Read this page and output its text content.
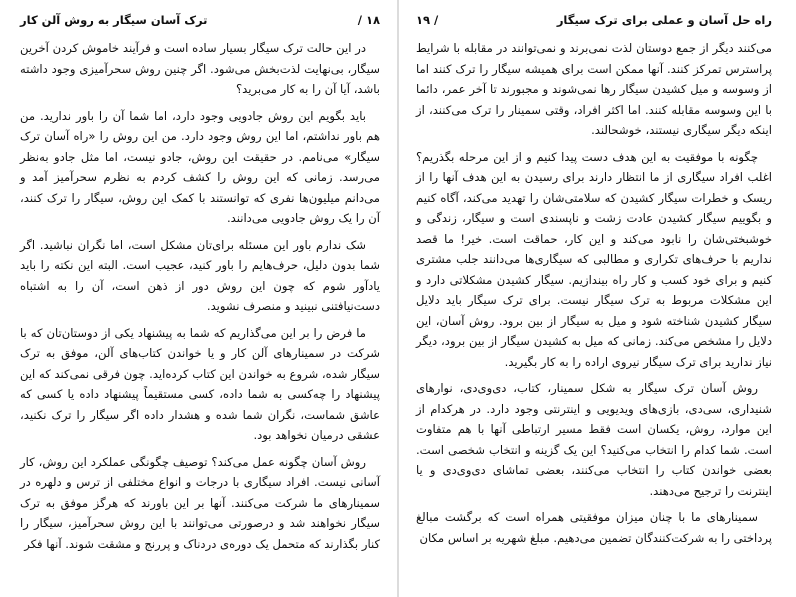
۱۸ /
ترک آسان سیگار به روش آلن کار

در این حالت ترک سیگار بسیار ساده است و فرآیند خاموش کردن آخرین سیگار، بی‌نهایت لذت‌بخش می‌شود. اگر چنین روش سحرآمیزی وجود داشته باشد، آیا آن را به کار می‌برید؟

باید بگویم این روش جادویی وجود دارد، اما شما آن را باور ندارید. من هم باور نداشتم، اما این روش وجود دارد. من این روش را «راه آسان ترک سیگار» می‌نامم. در حقیقت این روش، جادو نیست، اما مثل جادو به‌نظر می‌رسد. زمانی که این روش را کشف کردم به نظرم سحرآمیز آمد و می‌دانم میلیون‌ها نفری که توانستند با کمک این روش، سیگار را ترک کنند، آن را یک روش جادویی می‌دانند.

شک ندارم باور این مسئله برای‌تان مشکل است، اما نگران نباشید. اگر شما بدون دلیل، حرف‌هایم را باور کنید، عجیب است. البته این نکته را باید یادآور شوم که چون این روش دور از ذهن است، آن را به اشتباه دست‌نیافتنی نبینید و منصرف نشوید.

ما فرض را بر این می‌گذاریم که شما به پیشنهاد یکی از دوستان‌تان که با شرکت در سمینارهای آلن کار و یا خواندن کتاب‌های آلن، موفق به ترک سیگار شده، شروع به خواندن این کتاب کرده‌اید. چون فرقی نمی‌کند که این پیشنهاد را چه‌کسی به شما داده، کسی مستقیماً پیشنهاد داده یا کسی که عاشق شماست، نگران شما شده و هشدار داده اگر سیگار را ترک نکنید، عشقی درمیان نخواهد بود.

روش آسان چگونه عمل می‌کند؟ توصیف چگونگی عملکرد این روش، کار آسانی نیست. افراد سیگاری با درجات و انواع مختلفی از ترس و دلهره در سمینارهای ما شرکت می‌کنند. آنها بر این باورند که هرگز موفق به ترک سیگار نخواهند شد و درصورتی می‌توانند با این روش سحرآمیز، سیگار را کنار بگذارند که متحمل یک دوره‌ی دردناک و پررنج و مشقت شوند. آنها فکر

راه حل آسان و عملی برای ترک سیگار
/ ۱۹

می‌کنند دیگر از جمع دوستان لذت نمی‌برند و نمی‌توانند در مقابله با شرایط پراسترس تمرکز کنند. آنها ممکن است برای همیشه سیگار را ترک کنند اما از وسوسه و میل کشیدن سیگار رها نمی‌شوند و مجبورند تا آخر عمر، دائما با این وسوسه مقابله کنند. اما اکثر افراد، وقتی سمینار را ترک می‌کنند، از اینکه دیگر سیگاری نیستند، خوشحالند.

چگونه با موفقیت به این هدف دست پیدا کنیم و از این مرحله بگذریم؟ اغلب افراد سیگاری از ما انتظار دارند برای رسیدن به این هدف آنها را از ریسک و خطرات سیگار کشیدن که سلامتی‌شان را تهدید می‌کند، آگاه کنیم و بگوییم سیگار کشیدن عادت زشت و ناپسندی است و سیگار، زندگی و خوشبختی‌شان را نابود می‌کند و این کار، حماقت است. خیر! ما قصد نداریم با حرف‌های تکراری و مطالبی که سیگاری‌ها می‌دانند جلب مشتری کنیم و برای خود کسب و کار راه بیندازیم. سیگار کشیدن مشکلاتی دارد و این مشکلات مربوط به ترک سیگار نیست. برای ترک سیگار باید دلایل سیگار کشیدن شناخته شود و میل به سیگار از بین برود. روش آسان، این دلایل را مشخص می‌کند. زمانی که میل به کشیدن سیگار از بین برود، دیگر نیاز ندارید برای ترک سیگار نیروی اراده را به کار بگیرید.

روش آسان ترک سیگار به شکل سمینار، کتاب، دی‌وی‌دی، نوارهای شنیداری، سی‌دی، بازی‌های ویدیویی و اینترنتی وجود دارد. در هرکدام از این موارد، روش، یکسان است فقط مسیر ارتباطی آنها با هم متفاوت است. شما کدام را انتخاب می‌کنید؟ این یک گزینه و انتخاب شخصی است. بعضی خواندن کتاب را انتخاب می‌کنند، بعضی تماشای دی‌وی‌دی و یا اینترنت را ترجیح می‌دهند.

سمینارهای ما با چنان میزان موفقیتی همراه است که برگشت مبالغ پرداختی را به شرکت‌کنندگان تضمین می‌دهیم. مبلغ شهریه بر اساس مکان
